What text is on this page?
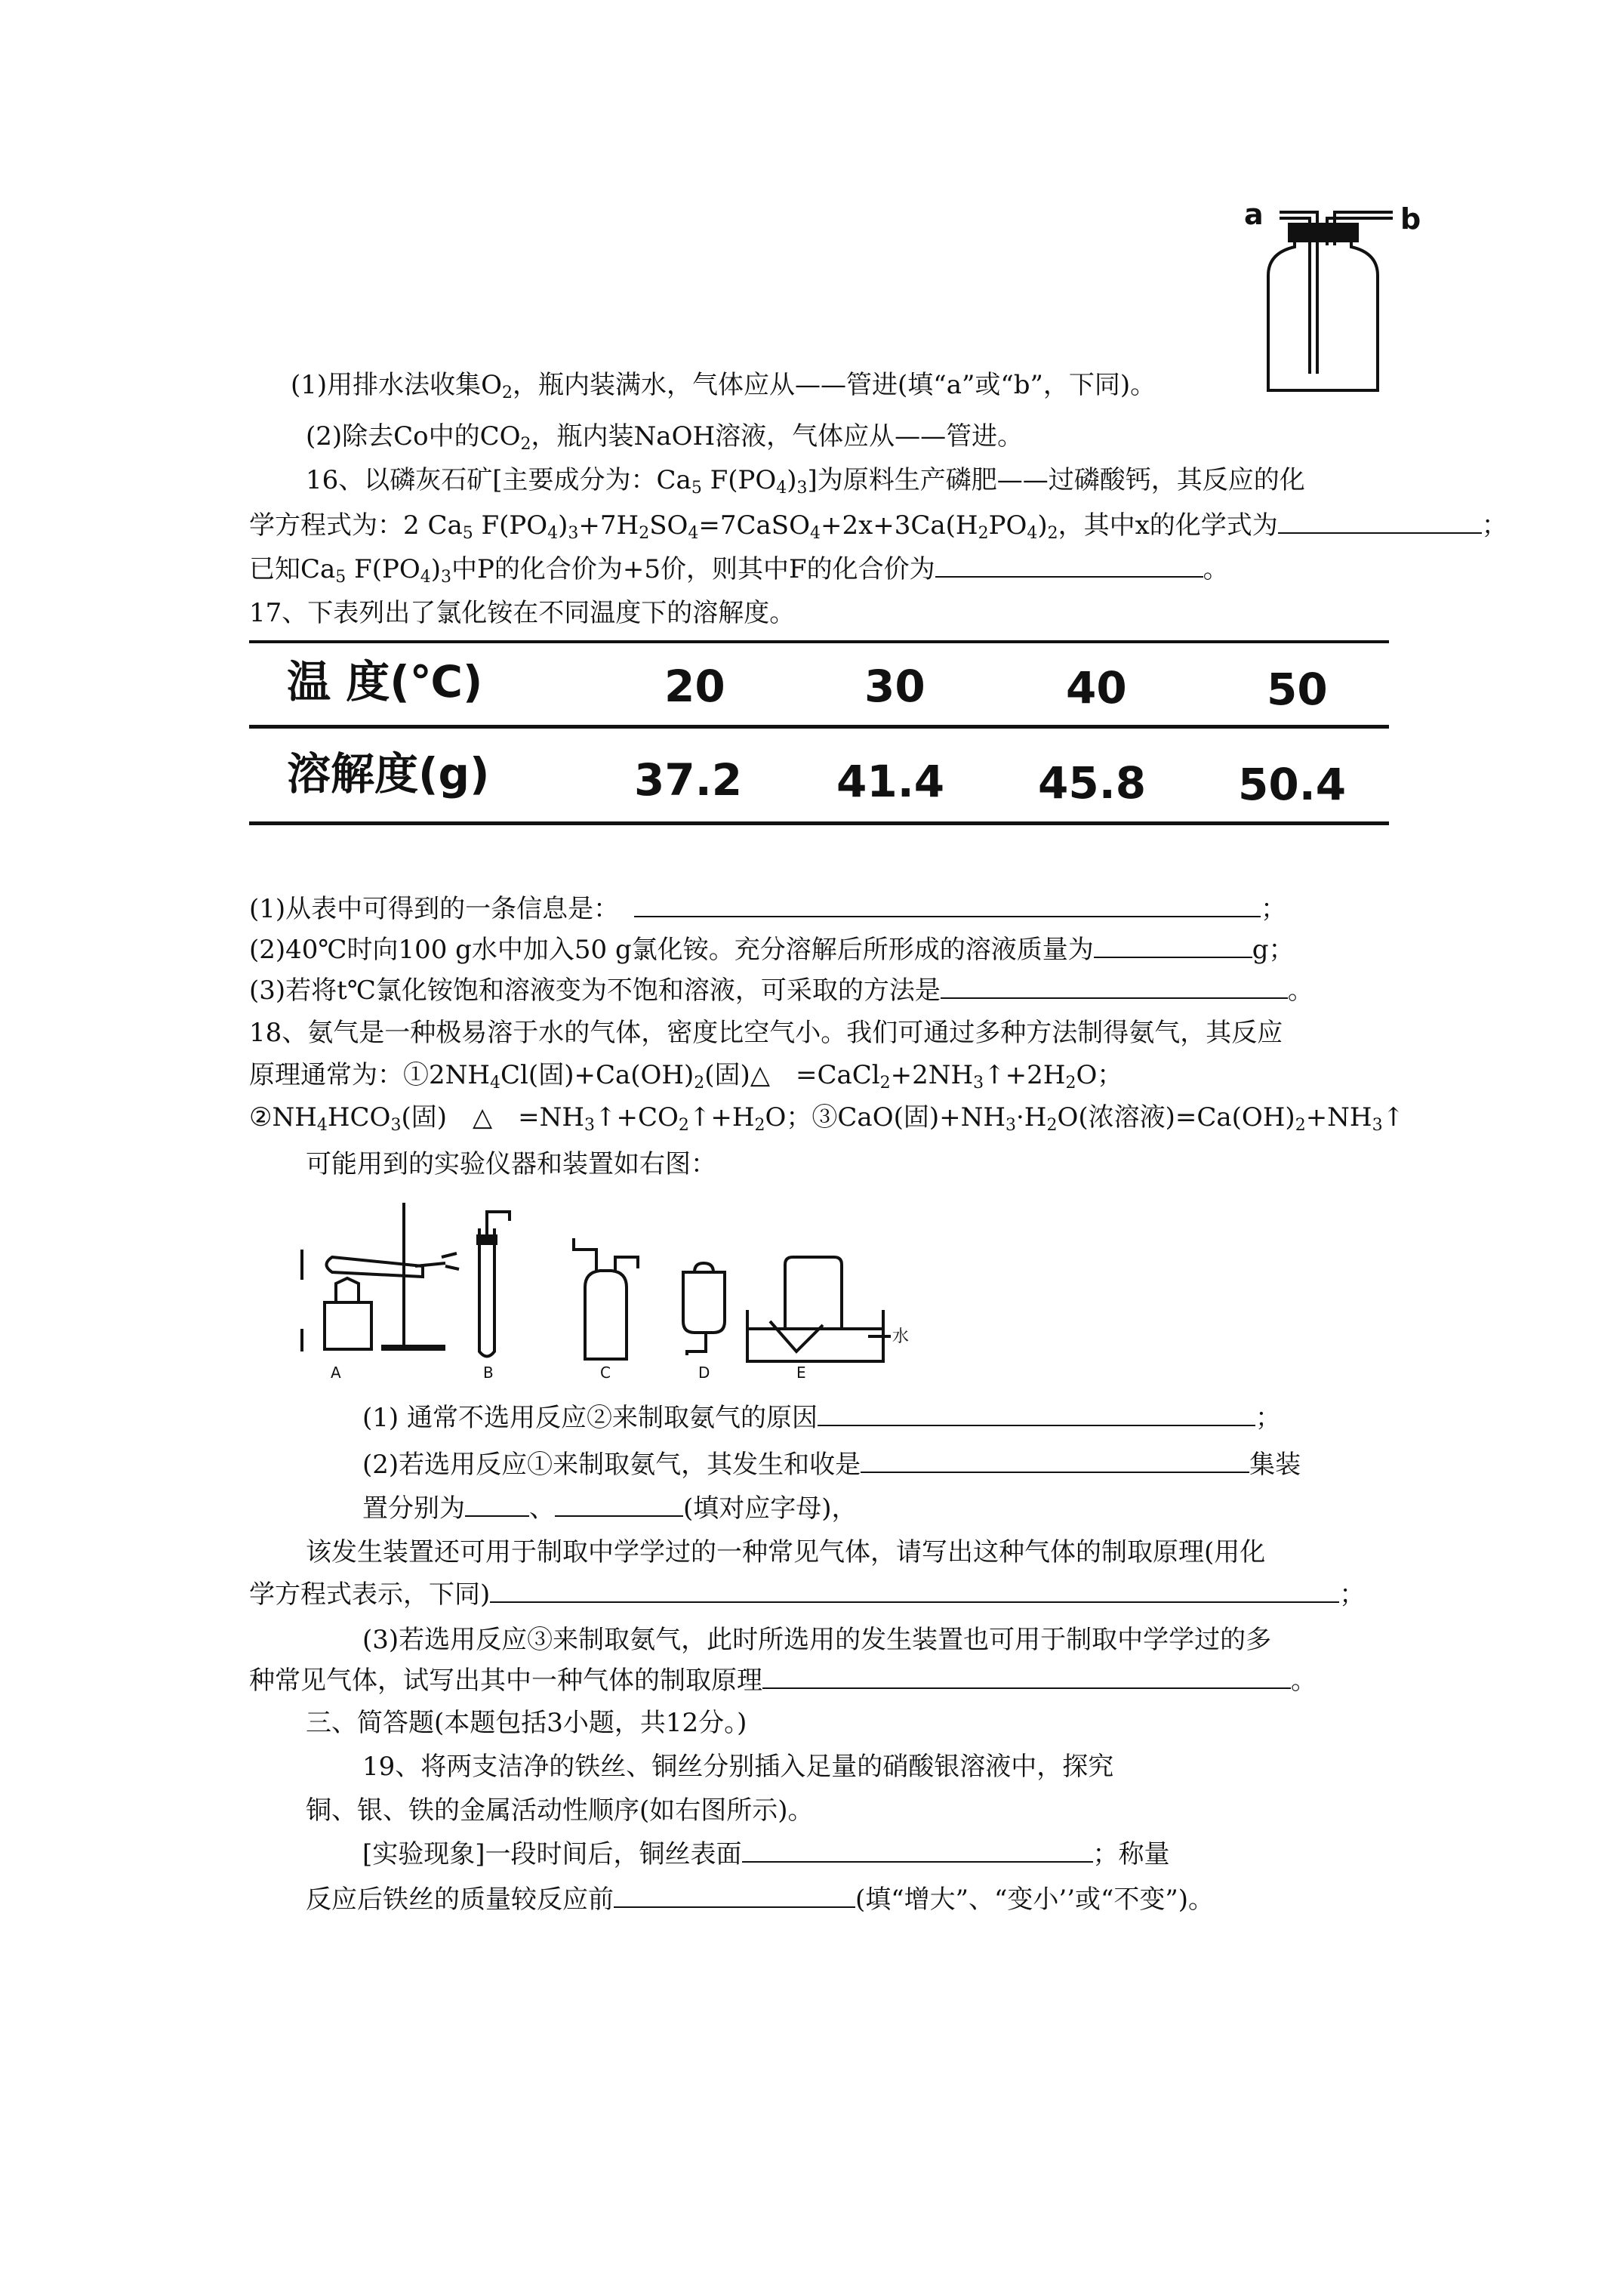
a	b
(1)用排水法收集$O_2$，瓶内装满水，气体应从——管进(填“a”或“b”，下同)。
(2)除去Co中的$CO_2$，瓶内装NaOH溶液，气体应从——管进。
16、以磷灰石矿[主要成分为：$Ca_5$ $F(PO_4)_3$]为原料生产磷肥——过磷酸钙，其反应的化
学方程式为：2 $Ca_5$ $F(PO_4)_3+7H_2SO_4=7CaSO_4+2x+3Ca(H_2PO_4)_2$，其中x的化学式为	；
已知$Ca_5$ $F(PO_4)_3$中P的化合价为+5价，则其中F的化合价为	。
17、下表列出了氯化铵在不同温度下的溶解度。
温 度(℃)	20	30	40	50
溶解度(g)	37.2 41.4 45.8 50.4
(1)从表中可得到的一条信息是：	；
(2)40℃时向100 g水中加入50 g氯化铵。充分溶解后所形成的溶液质量为	g；
(3)若将t℃氯化铵饱和溶液变为不饱和溶液，可采取的方法是	。
18、氨气是一种极易溶于水的气体，密度比空气小。我们可通过多种方法制得氨气，其反应
原理通常为：$①2NH_4Cl$(固)$+Ca(OH)_2$(固)△　$=CaCl_2+2NH_3↑+2H_2O$；
$②NH_4HCO_3$(固)　△　$=NH_3↑+CO_2↑+H_2O$；③CaO(固)$+NH_3\cdot H_2O$(浓溶液)$=Ca(OH)_2+NH_3↑$
可能用到的实验仪器和装置如右图：
A	B	C	D	E
水
(1) 通常不选用反应②来制取氨气的原因	；
(2)若选用反应①来制取氨气，其发生和收是	集装
置分别为	、	(填对应字母)，
该发生装置还可用于制取中学学过的一种常见气体，请写出这种气体的制取原理(用化
学方程式表示，下同)	；
(3)若选用反应③来制取氨气，此时所选用的发生装置也可用于制取中学学过的多
种常见气体，试写出其中一种气体的制取原理	。
三、简答题(本题包括3小题，共12分。)
19、将两支洁净的铁丝、铜丝分别插入足量的硝酸银溶液中，探究
铜、银、铁的金属活动性顺序(如右图所示)。
[实验现象]一段时间后，铜丝表面	；称量
反应后铁丝的质量较反应前	(填“增大”、“变小’’或“不变”)。
